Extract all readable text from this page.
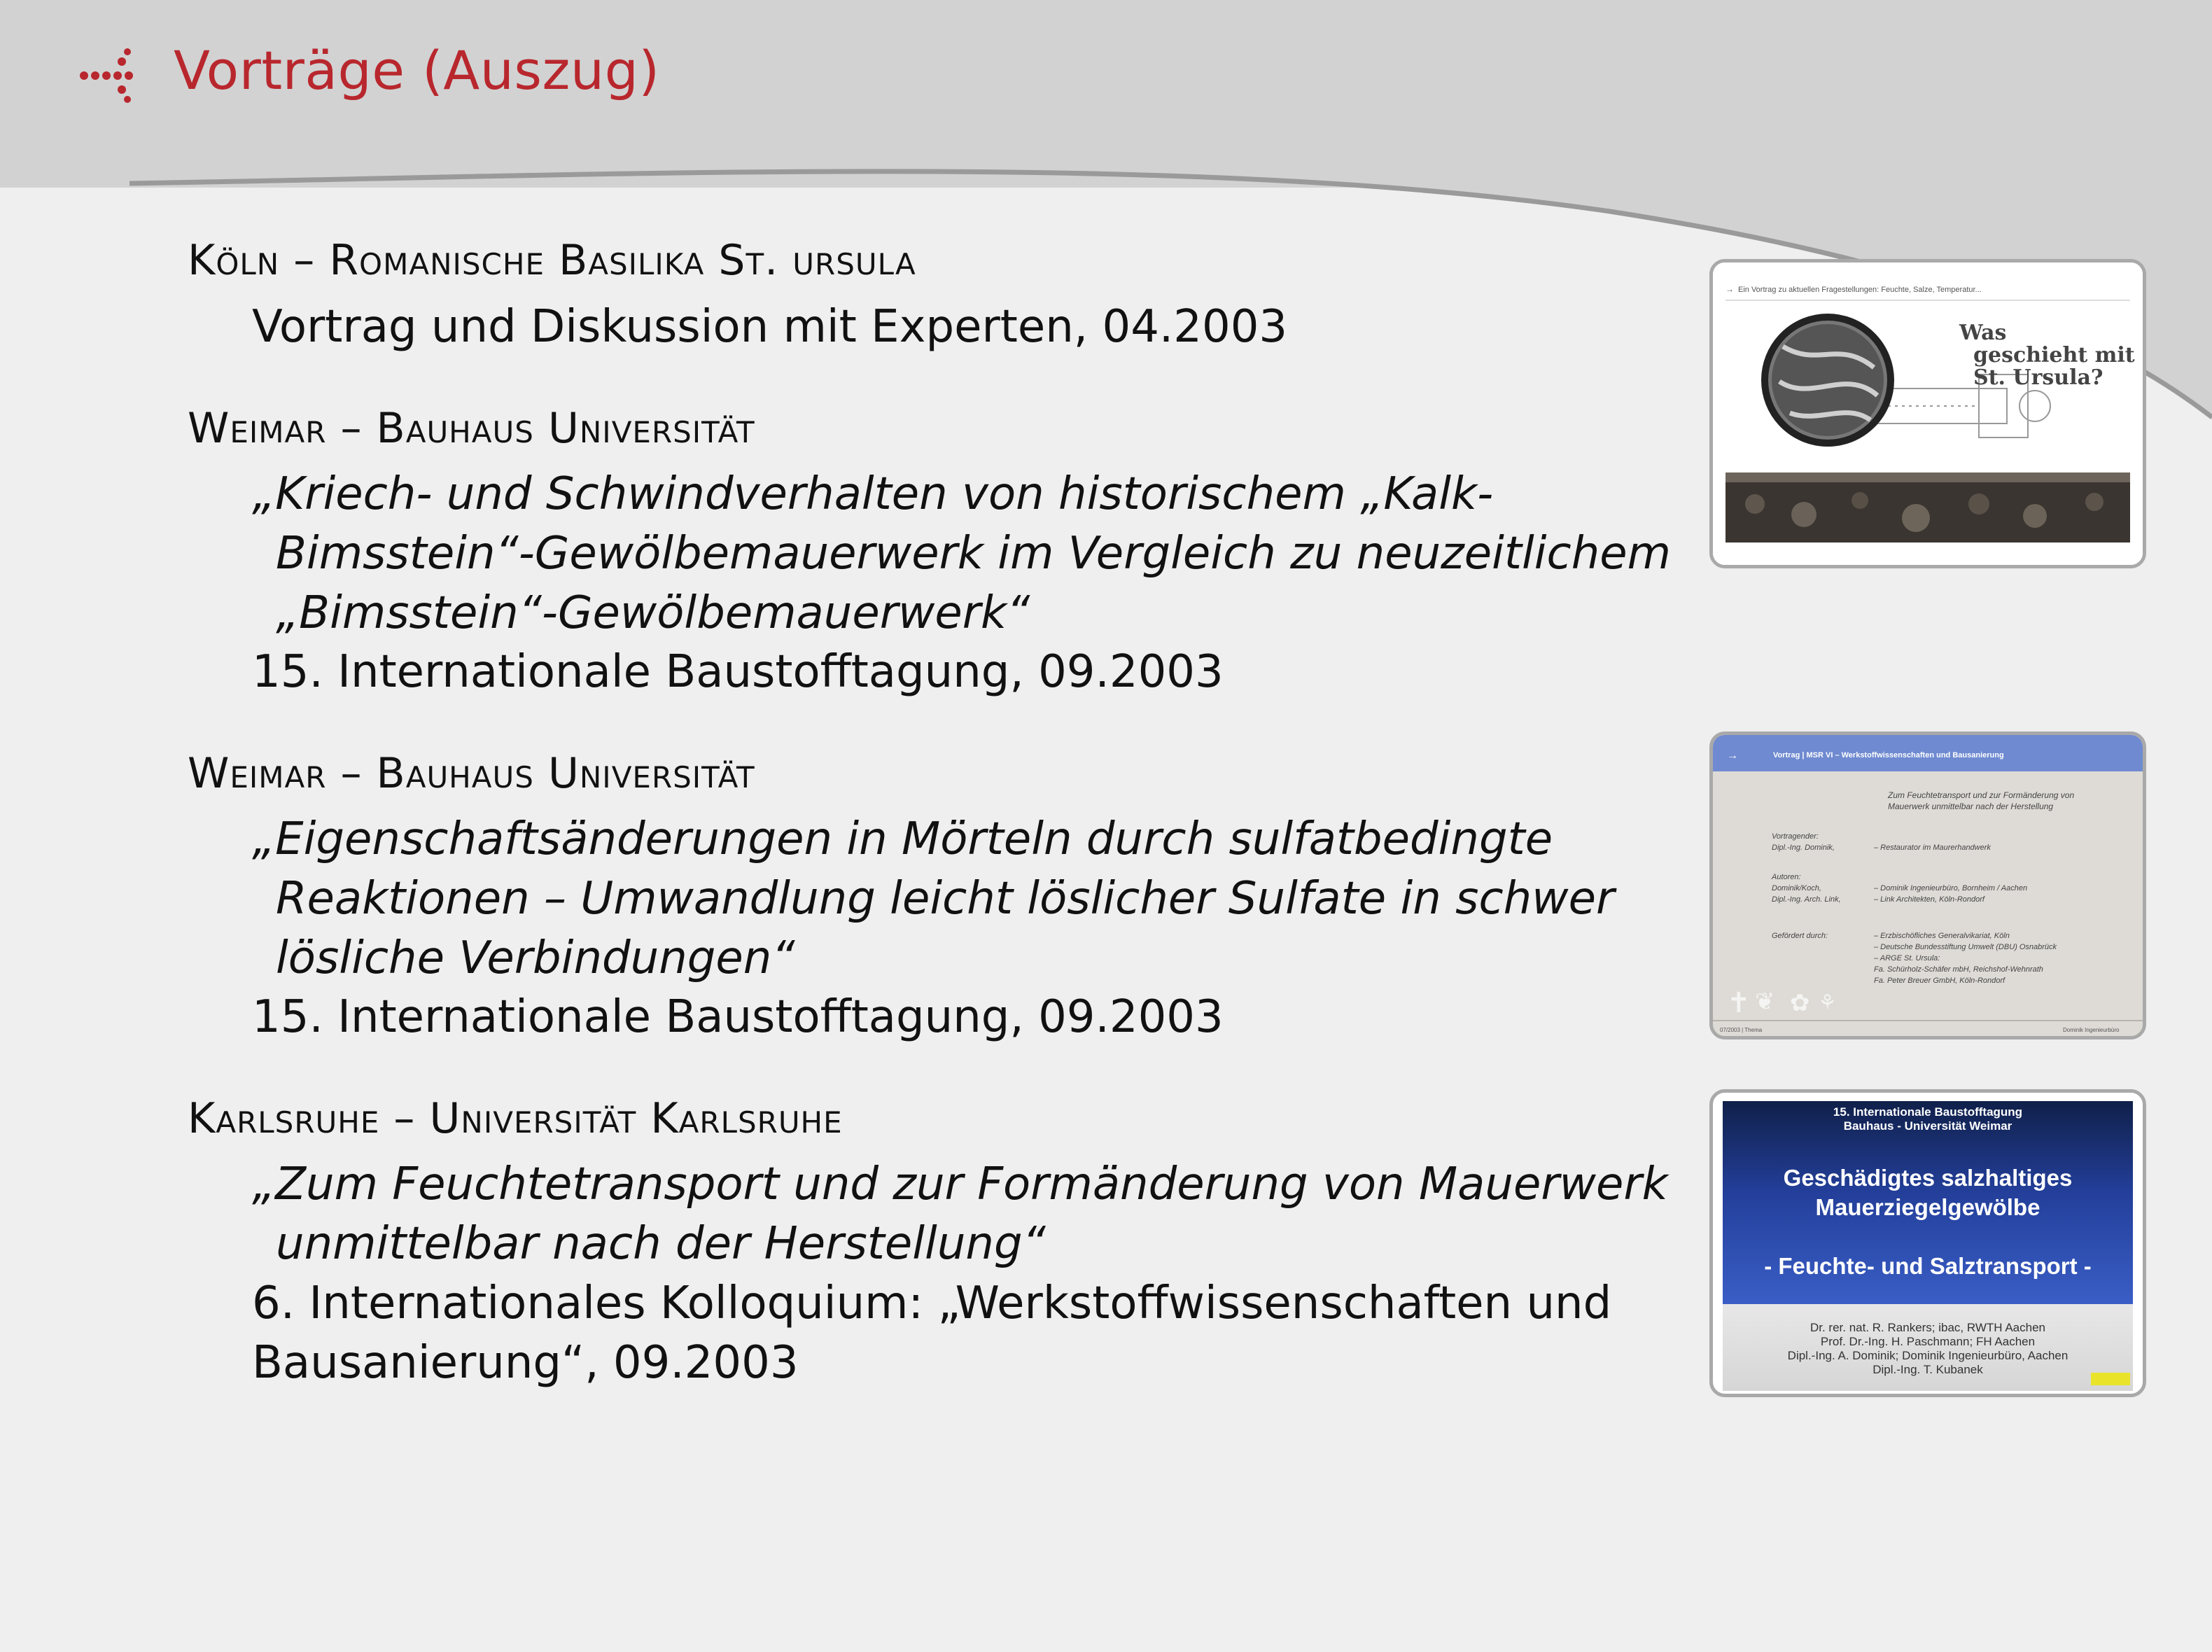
Vorträge (Auszug)
Köln – Romanische Basilika St. ursula
Vortrag und Diskussion mit Experten, 04.2003
Weimar – Bauhaus Universität
„Kriech- und Schwindverhalten von historischem „Kalk-
Bimsstein“-Gewölbemauerwerk im Vergleich zu neuzeitlichem
„Bimsstein“-Gewölbemauerwerk“
15. Internationale Baustofftagung, 09.2003
Weimar – Bauhaus Universität
„Eigenschaftsänderungen in Mörteln durch sulfatbedingte
Reaktionen – Umwandlung leicht löslicher Sulfate in schwer
lösliche Verbindungen“
15. Internationale Baustofftagung, 09.2003
Karlsruhe – Universität Karlsruhe
„Zum Feuchtetransport und zur Formänderung von Mauerwerk
unmittelbar nach der Herstellung“
6. Internationales Kolloquium: „Werkstoffwissenschaften und
Bausanierung“, 09.2003
→ Ein Vortrag zu aktuellen Fragestellungen: Feuchte, Salze, Temperatur...
Was
geschieht mit
St. Ursula?
→	Vortrag | MSR VI – Werkstoffwissenschaften und Bausanierung
Zum Feuchtetransport und zur Formänderung von
Mauerwerk unmittelbar nach der Herstellung
Vortragender:
Dipl.-Ing. Dominik,	– Restaurator im Maurerhandwerk
Autoren:
Dominik/Koch,	– Dominik Ingenieurbüro, Bornheim / Aachen
Dipl.-Ing. Arch. Link,	– Link Architekten, Köln-Rondorf
Gefördert durch:	– Erzbischöfliches Generalvikariat, Köln
– Deutsche Bundesstiftung Umwelt (DBU) Osnabrück
– ARGE St. Ursula:
Fa. Schürholz-Schäfer mbH, Reichshof-Wehnrath
Fa. Peter Breuer GmbH, Köln-Rondorf
✝ ❦ ✿ ⚘
07/2003 | Thema	Dominik Ingenieurbüro
15. Internationale Baustofftagung
Bauhaus - Universität Weimar
Geschädigtes salzhaltiges
Mauerziegelgewölbe
- Feuchte- und Salztransport -
Dr. rer. nat. R. Rankers; ibac, RWTH Aachen
Prof. Dr.-Ing. H. Paschmann; FH Aachen
Dipl.-Ing. A. Dominik; Dominik Ingenieurbüro, Aachen
Dipl.-Ing. T. Kubanek
